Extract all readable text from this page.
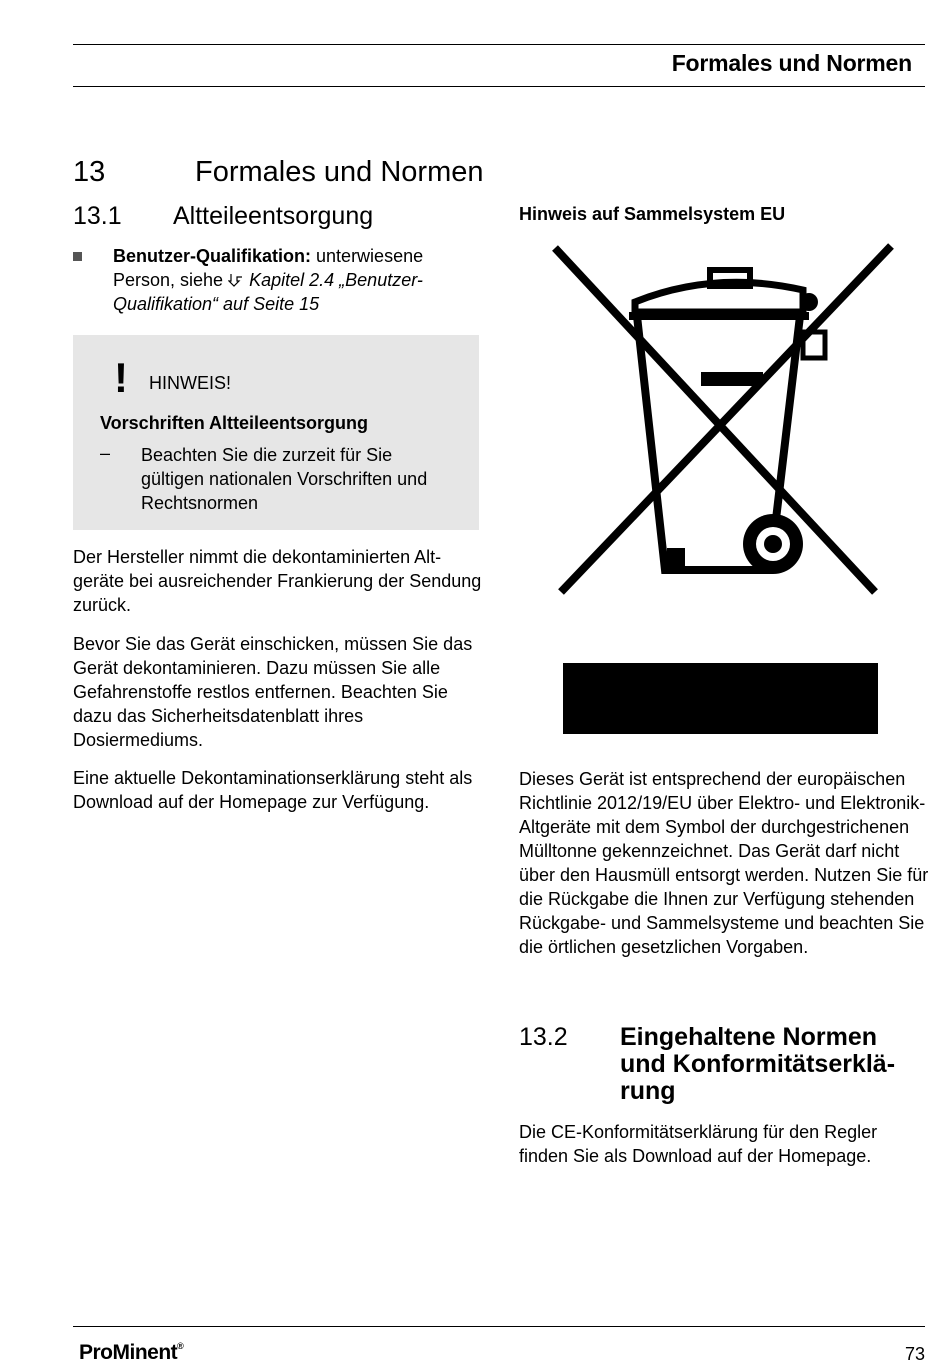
Formales und Normen
13	Formales und Normen
13.1 Altteileentsorgung
Benutzer-Qualifikation: unterwiesene Person, siehe Kapitel 2.4 „Benutzer-Qualifikation“ auf Seite 15
! HINWEIS!
Vorschriften Altteileentsorgung
– Beachten Sie die zurzeit für Sie gültigen nationalen Vorschriften und Rechtsnormen

Der Hersteller nimmt die dekontaminierten Altgeräte bei ausreichender Frankierung der Sendung zurück.

Bevor Sie das Gerät einschicken, müssen Sie das Gerät dekontaminieren. Dazu müssen Sie alle Gefahrenstoffe restlos entfernen. Beachten Sie dazu das Sicherheitsdatenblatt ihres Dosiermediums.

Eine aktuelle Dekontaminationserklärung steht als Download auf der Homepage zur Verfügung.

Hinweis auf Sammelsystem EU

Dieses Gerät ist entsprechend der europäischen Richtlinie 2012/19/EU über Elektro- und Elektronik-Altgeräte mit dem Symbol der durchgestrichenen Mülltonne gekennzeichnet. Das Gerät darf nicht über den Hausmüll entsorgt werden. Nutzen Sie für die Rückgabe die Ihnen zur Verfügung stehenden Rückgabe- und Sammelsysteme und beachten Sie die örtlichen gesetzlichen Vorgaben.

13.2 Eingehaltene Normen und Konformitätserklärung

Die CE-Konformitätserklärung für den Regler finden Sie als Download auf der Homepage.

ProMinent®	73
